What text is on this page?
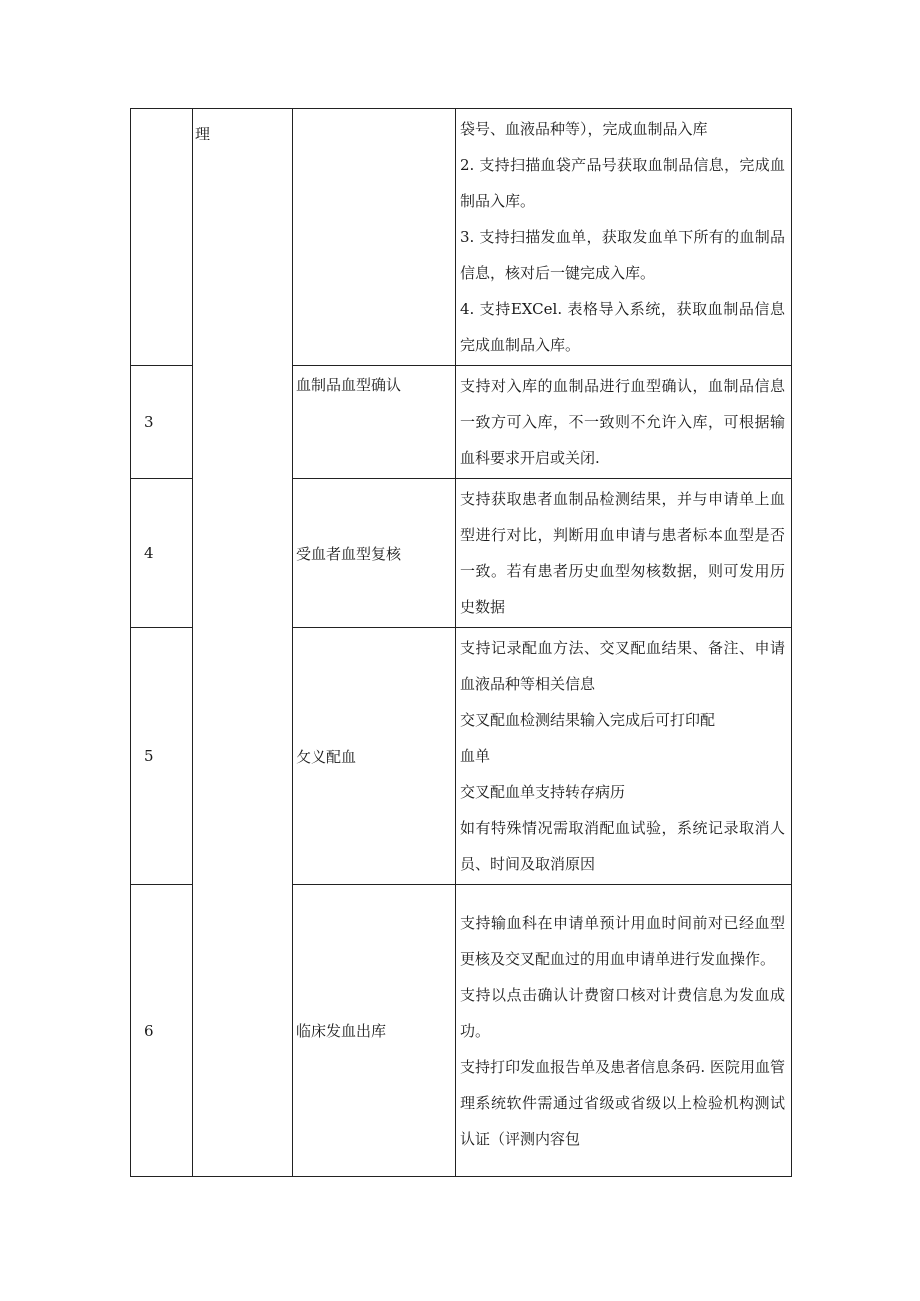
	理		袋号、血液品种等），完成血制品入库
2. 支持扫描血袋产品号获取血制品信息，完成血制品入库。
3. 支持扫描发血单，获取发血单下所有的血制品信息，核对后一键完成入库。
4. 支持EXCel. 表格导入系统，获取血制品信息完成血制品入库。

3		血制品血型确认	支持对入库的血制品进行血型确认，血制品信息一致方可入库，不一致则不允许入库，可根据输血科要求开启或关闭.

4		受血者血型复核	支持获取患者血制品检测结果，并与申请单上血型进行对比，判断用血申请与患者标本血型是否一致。若有患者历史血型匆核数据，则可发用历史数据

5		攵义配血	支持记录配血方法、交叉配血结果、备注、申请血液品种等相关信息
交叉配血检测结果输入完成后可打印配
血单
交叉配血单支持转存病历
如有特殊情况需取消配血试验，系统记录取消人员、时间及取消原因

6		临床发血出库	支持输血科在申请单预计用血时间前对已经血型更核及交叉配血过的用血申请单进行发血操作。
支持以点击确认计费窗口核对计费信息为发血成功。
支持打印发血报告单及患者信息条码. 医院用血管理系统软件需通过省级或省级以上检验机构测试认证（评测内容包
